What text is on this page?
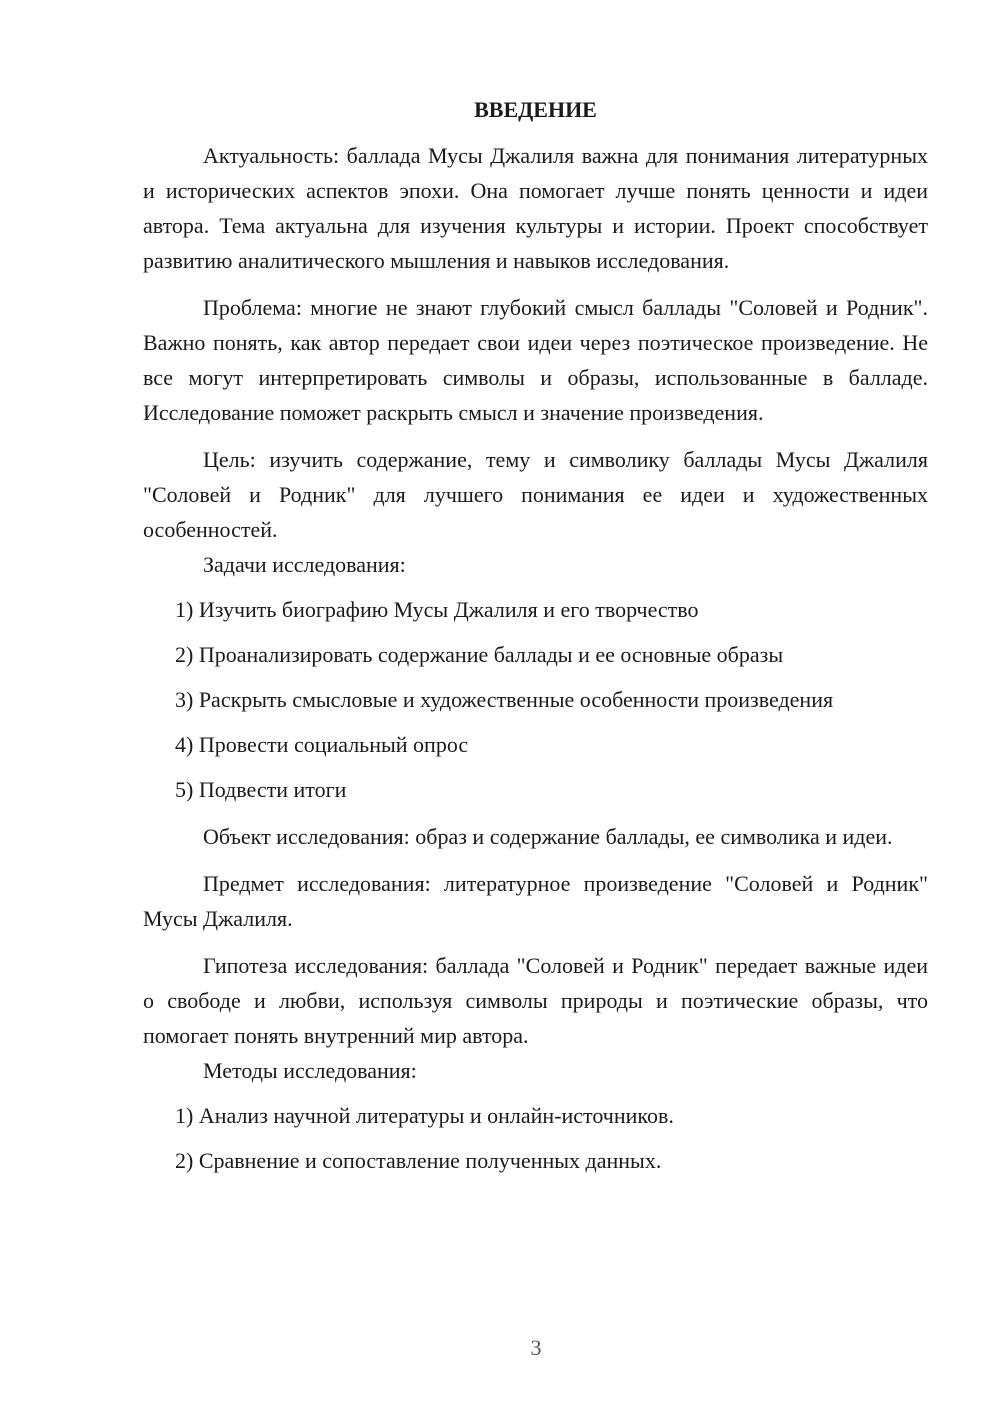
ВВЕДЕНИЕ

Актуальность: баллада Мусы Джалиля важна для понимания литературных и исторических аспектов эпохи. Она помогает лучше понять ценности и идеи автора. Тема актуальна для изучения культуры и истории. Проект способствует развитию аналитического мышления и навыков исследования.

Проблема: многие не знают глубокий смысл баллады "Соловей и Родник". Важно понять, как автор передает свои идеи через поэтическое произведение. Не все могут интерпретировать символы и образы, использованные в балладе. Исследование поможет раскрыть смысл и значение произведения.

Цель: изучить содержание, тему и символику баллады Мусы Джалиля "Соловей и Родник" для лучшего понимания ее идеи и художественных особенностей.

Задачи исследования:

1) Изучить биографию Мусы Джалиля и его творчество

2) Проанализировать содержание баллады и ее основные образы

3) Раскрыть смысловые и художественные особенности произведения

4) Провести социальный опрос

5) Подвести итоги

Объект исследования: образ и содержание баллады, ее символика и идеи.

Предмет исследования: литературное произведение "Соловей и Родник" Мусы Джалиля.

Гипотеза исследования: баллада "Соловей и Родник" передает важные идеи о свободе и любви, используя символы природы и поэтические образы, что помогает понять внутренний мир автора.

Методы исследования:

1) Анализ научной литературы и онлайн-источников.

2) Сравнение и сопоставление полученных данных.

3
